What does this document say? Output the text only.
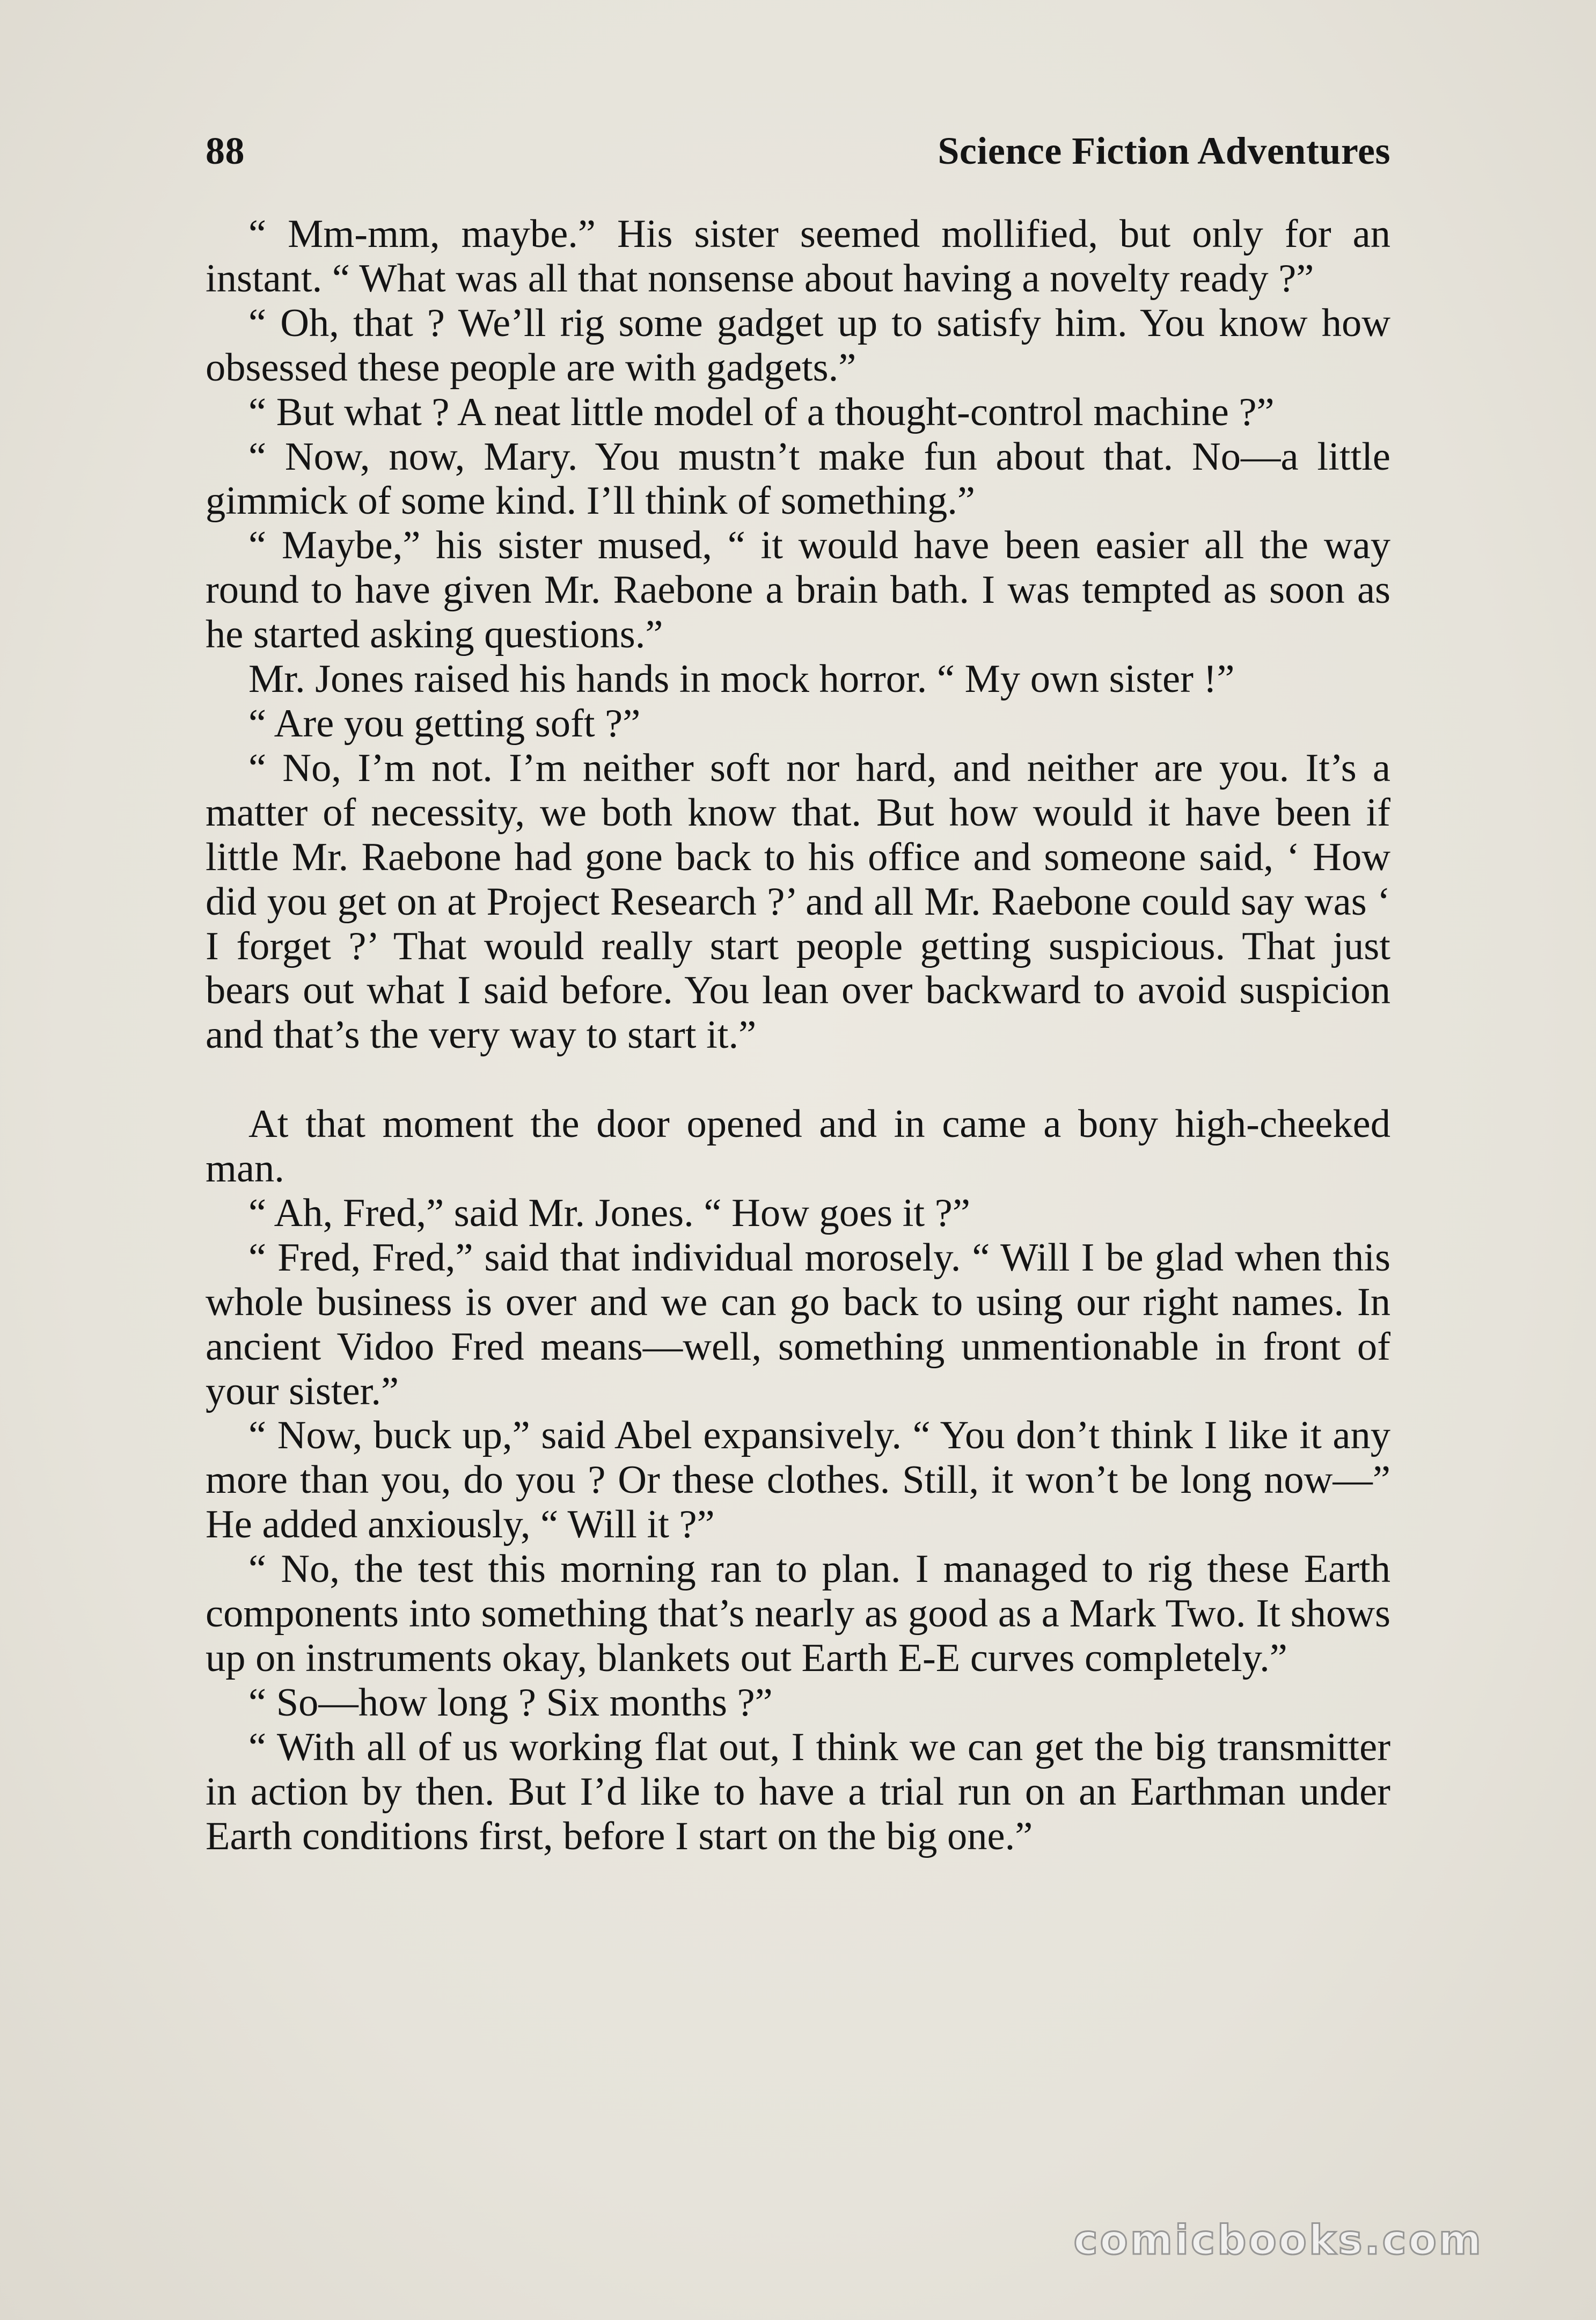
88	Science Fiction Adventures

“ Mm-mm, maybe.” His sister seemed mollified, but only for an instant. “ What was all that nonsense about having a novelty ready ?”

“ Oh, that ? We’ll rig some gadget up to satisfy him. You know how obsessed these people are with gadgets.”

“ But what ? A neat little model of a thought-control machine ?”

“ Now, now, Mary. You mustn’t make fun about that. No—a little gimmick of some kind. I’ll think of something.”

“ Maybe,” his sister mused, “ it would have been easier all the way round to have given Mr. Raebone a brain bath. I was tempted as soon as he started asking questions.”

Mr. Jones raised his hands in mock horror. “ My own sister !”

“ Are you getting soft ?”

“ No, I’m not. I’m neither soft nor hard, and neither are you. It’s a matter of necessity, we both know that. But how would it have been if little Mr. Raebone had gone back to his office and someone said, ‘ How did you get on at Project Research ?’ and all Mr. Raebone could say was ‘ I forget ?’ That would really start people getting suspicious. That just bears out what I said before. You lean over backward to avoid suspicion and that’s the very way to start it.”

At that moment the door opened and in came a bony high-cheeked man.

“ Ah, Fred,” said Mr. Jones. “ How goes it ?”

“ Fred, Fred,” said that individual morosely. “ Will I be glad when this whole business is over and we can go back to using our right names. In ancient Vidoo Fred means—well, something unmentionable in front of your sister.”

“ Now, buck up,” said Abel expansively. “ You don’t think I like it any more than you, do you ? Or these clothes. Still, it won’t be long now—” He added anxiously, “ Will it ?”

“ No, the test this morning ran to plan. I managed to rig these Earth components into something that’s nearly as good as a Mark Two. It shows up on instruments okay, blankets out Earth E-E curves completely.”

“ So—how long ? Six months ?”

“ With all of us working flat out, I think we can get the big transmitter in action by then. But I’d like to have a trial run on an Earthman under Earth conditions first, before I start on the big one.”

comicbooks.com
